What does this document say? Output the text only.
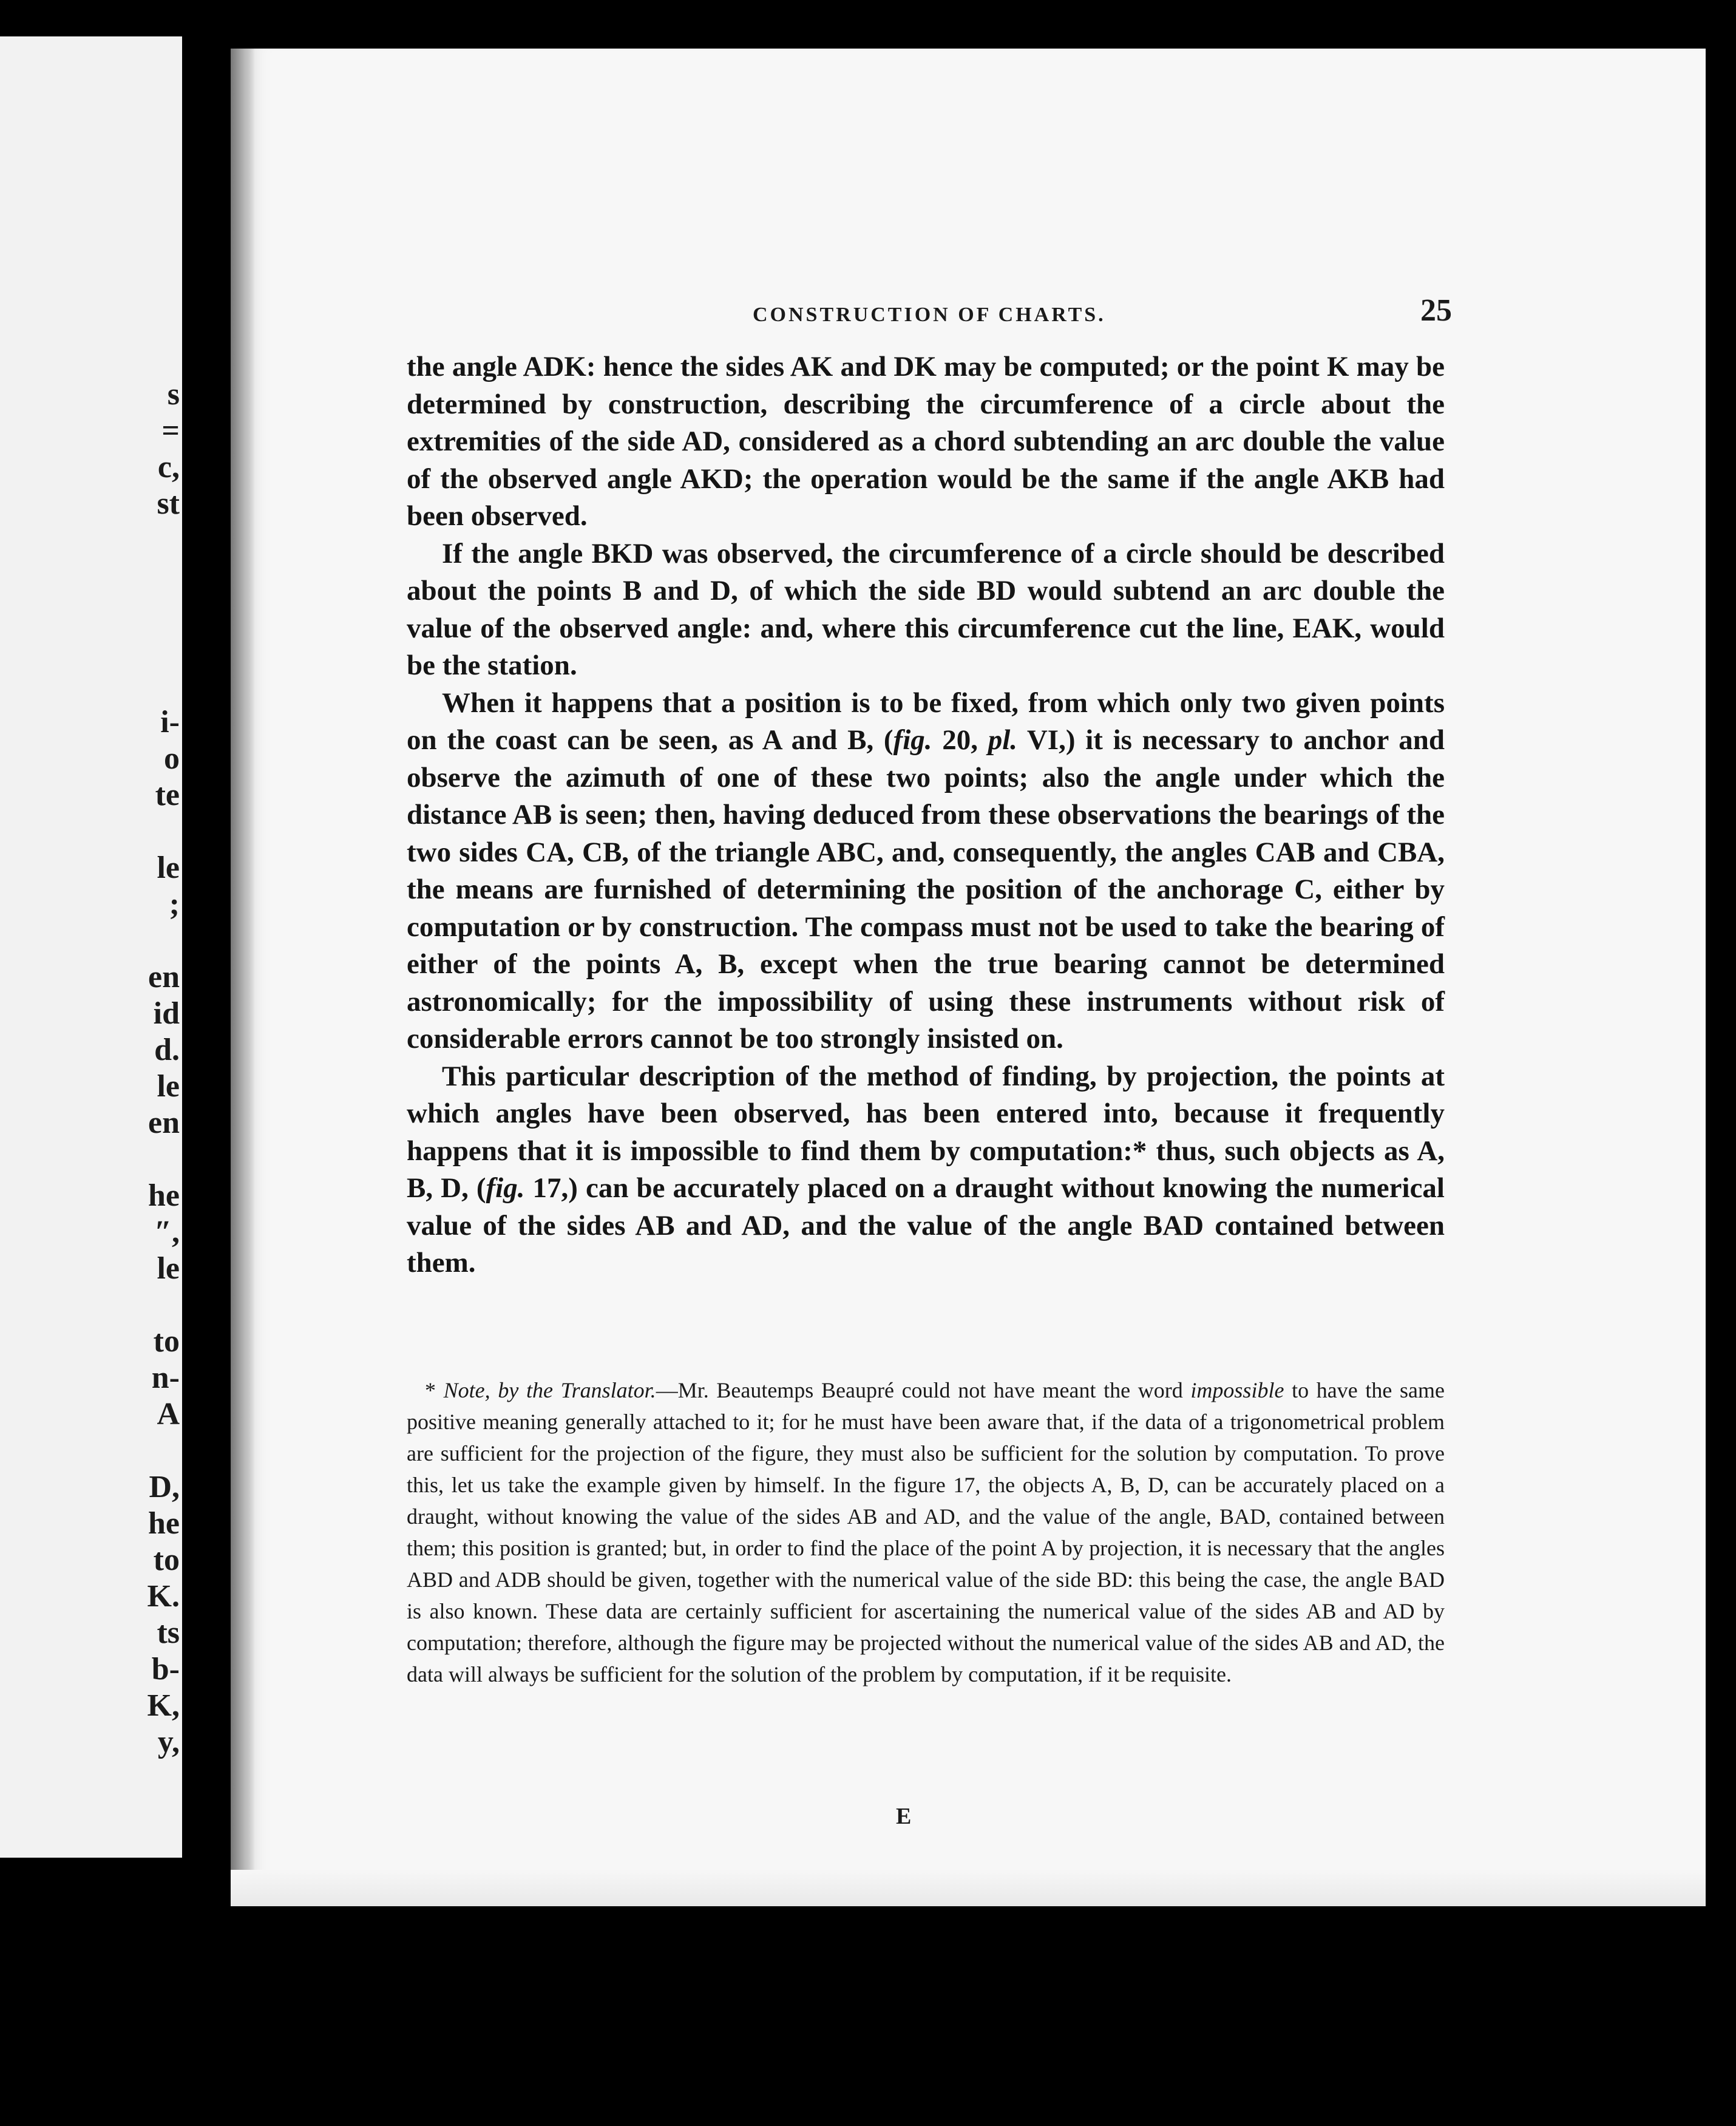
s
=
c,
st
i-
o
te
le
;
en
id
d.
le
en
he
″,
le
to
n-
A
D,
he
to
K.
ts
b-
K,
y,
CONSTRUCTION OF CHARTS.	25

the angle ADK: hence the sides AK and DK may be computed; or the point K may be determined by construction, describing the circumference of a circle about the extremities of the side AD, considered as a chord subtending an arc double the value of the observed angle AKD; the operation would be the same if the angle AKB had been observed.

If the angle BKD was observed, the circumference of a circle should be described about the points B and D, of which the side BD would subtend an arc double the value of the observed angle: and, where this circumference cut the line, EAK, would be the station.

When it happens that a position is to be fixed, from which only two given points on the coast can be seen, as A and B, (fig. 20, pl. VI,) it is necessary to anchor and observe the azimuth of one of these two points; also the angle under which the distance AB is seen; then, having deduced from these observations the bearings of the two sides CA, CB, of the triangle ABC, and, consequently, the angles CAB and CBA, the means are furnished of determining the position of the anchorage C, either by computation or by construction. The compass must not be used to take the bearing of either of the points A, B, except when the true bearing cannot be determined astronomically; for the impossibility of using these instruments without risk of considerable errors cannot be too strongly insisted on.

This particular description of the method of finding, by projection, the points at which angles have been observed, has been entered into, because it frequently happens that it is impossible to find them by computation:* thus, such objects as A, B, D, (fig. 17,) can be accurately placed on a draught without knowing the numerical value of the sides AB and AD, and the value of the angle BAD contained between them.

* Note, by the Translator.—Mr. Beautemps Beaupré could not have meant the word impossible to have the same positive meaning generally attached to it; for he must have been aware that, if the data of a trigonometrical problem are sufficient for the projection of the figure, they must also be sufficient for the solution by computation. To prove this, let us take the example given by himself. In the figure 17, the objects A, B, D, can be accurately placed on a draught, without knowing the value of the sides AB and AD, and the value of the angle, BAD, contained between them; this position is granted; but, in order to find the place of the point A by projection, it is necessary that the angles ABD and ADB should be given, together with the numerical value of the side BD: this being the case, the angle BAD is also known. These data are certainly sufficient for ascertaining the numerical value of the sides AB and AD by computation; therefore, although the figure may be projected without the numerical value of the sides AB and AD, the data will always be sufficient for the solution of the problem by computation, if it be requisite.

E
